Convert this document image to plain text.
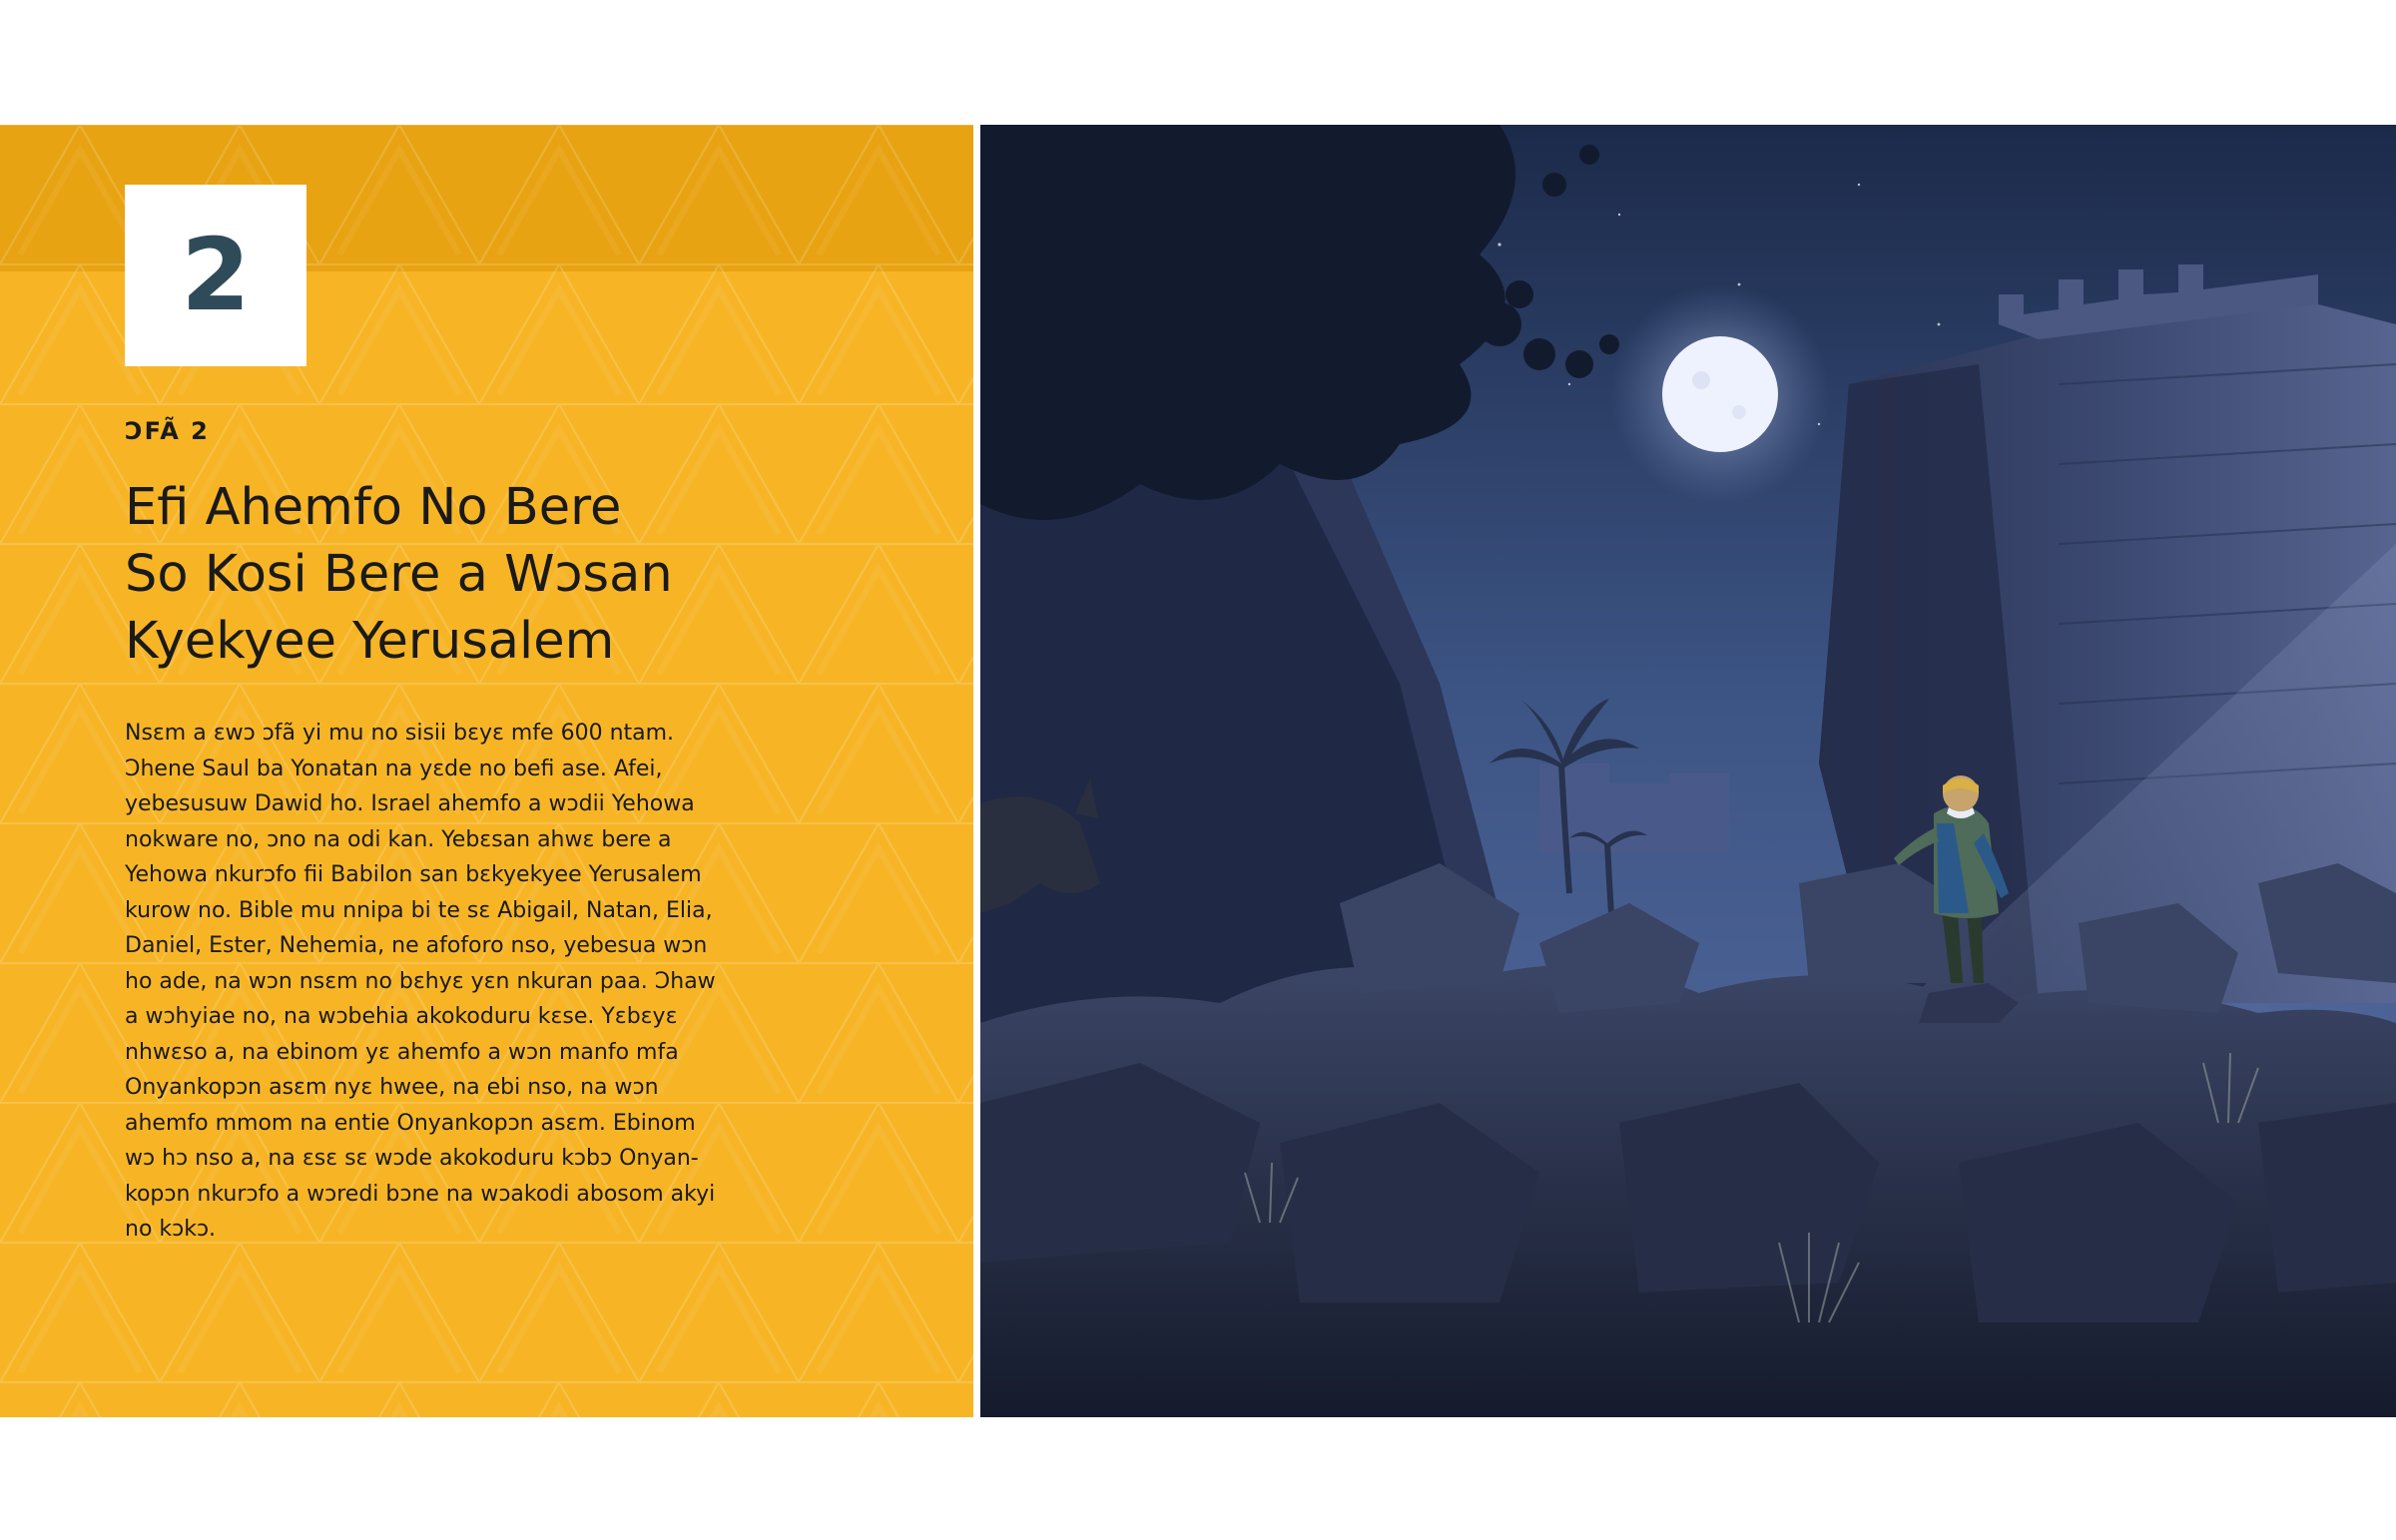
2
ƆFÃ 2
Efi Ahemfo No Bere
So Kosi Bere a Wɔsan
Kyekyee Yerusalem

Nsɛm a ɛwɔ ɔfã yi mu no sisii bɛyɛ mfe 600 ntam.
Ɔhene Saul ba Yonatan na yɛde no befi ase. Afei,
yebesusuw Dawid ho. Israel ahemfo a wɔdii Yehowa
nokware no, ɔno na odi kan. Yebɛsan ahwɛ bere a
Yehowa nkurɔfo fii Babilon san bɛkyekyee Yerusalem
kurow no. Bible mu nnipa bi te sɛ Abigail, Natan, Elia,
Daniel, Ester, Nehemia, ne afoforo nso, yebesua wɔn
ho ade, na wɔn nsɛm no bɛhyɛ yɛn nkuran paa. Ɔhaw
a wɔhyiae no, na wɔbehia akokoduru kɛse. Yɛbɛyɛ
nhwɛso a, na ebinom yɛ ahemfo a wɔn manfo mfa
Onyankopɔn asɛm nyɛ hwee, na ebi nso, na wɔn
ahemfo mmom na entie Onyankopɔn asɛm. Ebinom
wɔ hɔ nso a, na ɛsɛ sɛ wɔde akokoduru kɔbɔ Onyan-
kopɔn nkurɔfo a wɔredi bɔne na wɔakodi abosom akyi
no kɔkɔ.
